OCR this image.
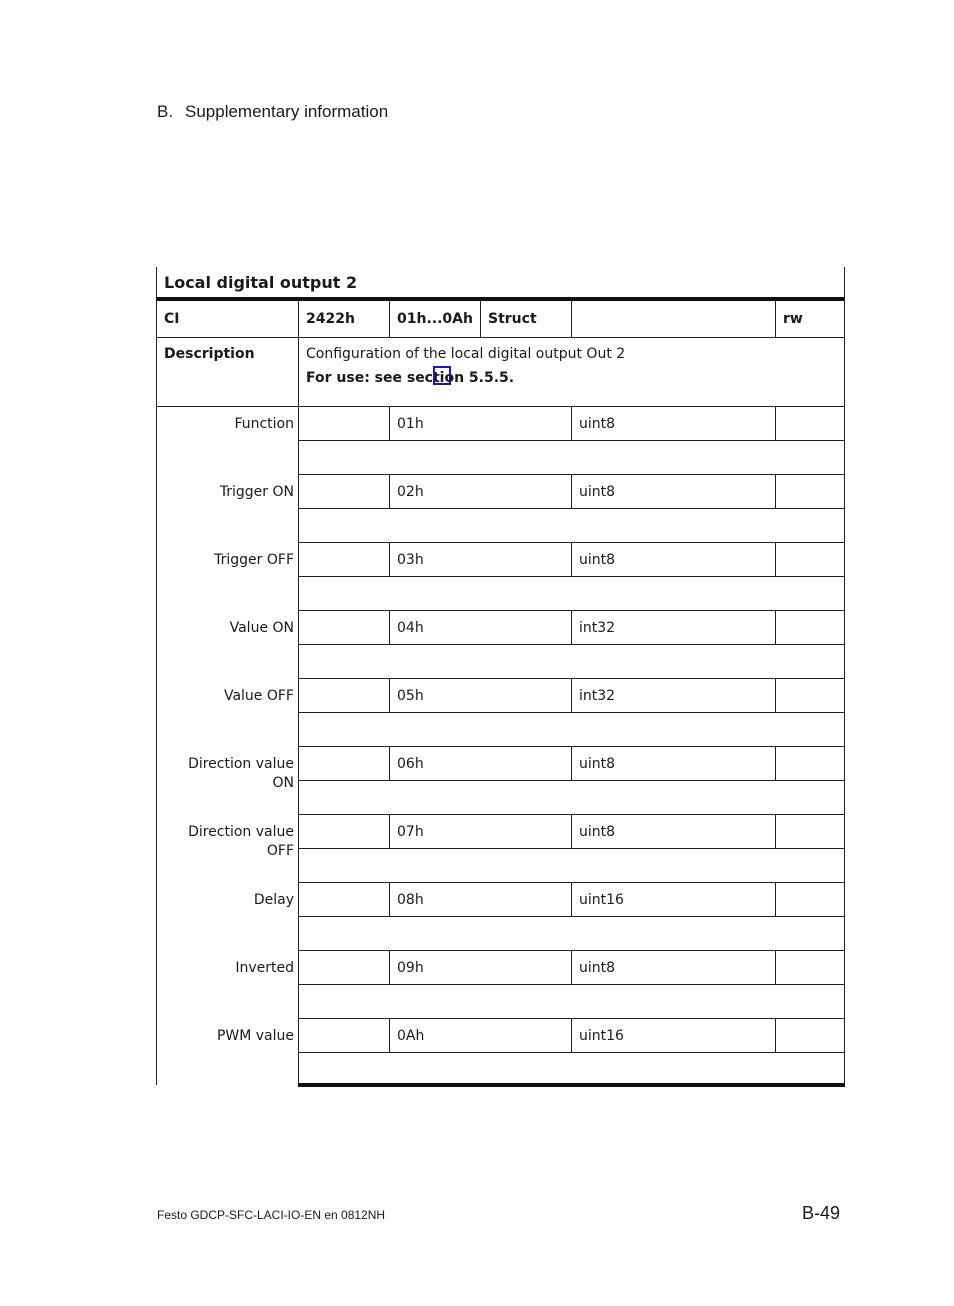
B. Supplementary information
Local digital output 2					
CI	2422h	01h...0Ah	Struct		rw
Description	Configuration of the local digital output Out 2
For use: see section 5.5.5.				

Function		01h		uint8	

Trigger ON		02h		uint8	

Trigger OFF		03h		uint8	

Value ON		04h		int32	

Value OFF		05h		int32	

Direction value ON		06h		uint8	

Direction value OFF		07h		uint8	

Delay		08h		uint16	

Inverted		09h		uint8	

PWM value		0Ah		uint16	

Festo GDCP-SFC-LACI-IO-EN en 0812NH	B-49
